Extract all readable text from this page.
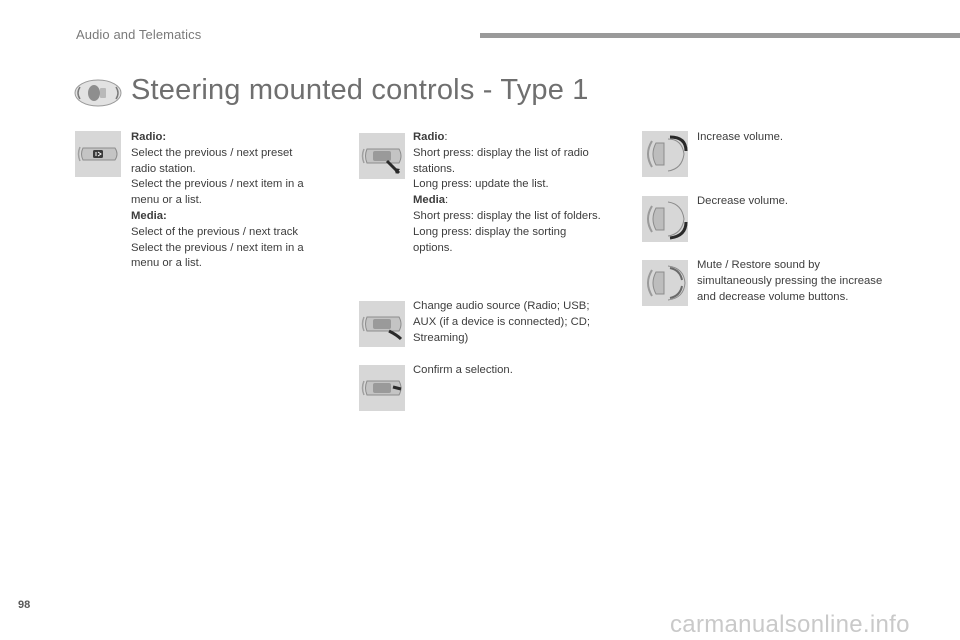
Audio and Telematics
Steering mounted controls - Type 1
Radio:
Select the previous / next preset
radio station.
Select the previous / next item in a
menu or a list.
Media:
Select of the previous / next track
Select the previous / next item in a
menu or a list.
Radio:
Short press: display the list of radio
stations.
Long press: update the list.
Media:
Short press: display the list of folders.
Long press: display the sorting
options.
Change audio source (Radio; USB;
AUX (if a device is connected); CD;
Streaming)
Confirm a selection.
Increase volume.
Decrease volume.
Mute / Restore sound by
simultaneously pressing the increase
and decrease volume buttons.
98
carmanualsonline.info
